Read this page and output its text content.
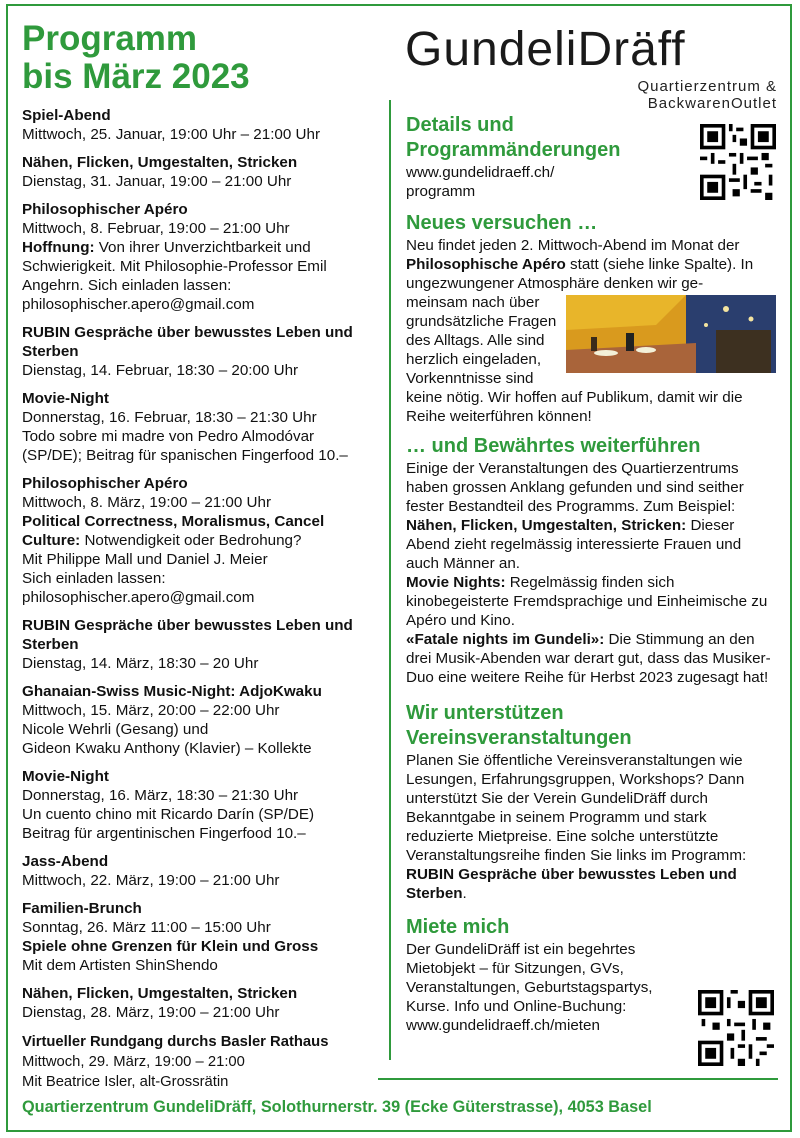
Programm
bis März 2023
GundeliDräff
Quartierzentrum &
BackwarenOutlet
Spiel-Abend
Mittwoch, 25. Januar, 19:00 Uhr – 21:00 Uhr
Nähen, Flicken, Umgestalten, Stricken
Dienstag, 31. Januar, 19:00 – 21:00 Uhr
Philosophischer Apéro
Mittwoch, 8. Februar, 19:00 – 21:00 Uhr
Hoffnung: Von ihrer Unverzichtbarkeit und Schwierigkeit. Mit Philosophie-Professor Emil Angehrn. Sich einladen lassen:
philosophischer.apero@gmail.com
RUBIN Gespräche über bewusstes Leben und Sterben
Dienstag, 14. Februar, 18:30 – 20:00 Uhr
Movie-Night
Donnerstag, 16. Februar, 18:30 – 21:30 Uhr
Todo sobre mi madre von Pedro Almodóvar
(SP/DE); Beitrag für spanischen Fingerfood 10.–
Philosophischer Apéro
Mittwoch, 8. März, 19:00 – 21:00 Uhr
Political Correctness, Moralismus, Cancel Culture: Notwendigkeit oder Bedrohung?
Mit Philippe Mall und Daniel J. Meier
Sich einladen lassen:
philosophischer.apero@gmail.com
RUBIN Gespräche über bewusstes Leben und Sterben
Dienstag, 14. März, 18:30 – 20 Uhr
Ghanaian-Swiss Music-Night: AdjoKwaku
Mittwoch, 15. März, 20:00 – 22:00 Uhr
Nicole Wehrli (Gesang) und
Gideon Kwaku Anthony (Klavier) – Kollekte
Movie-Night
Donnerstag, 16. März, 18:30 – 21:30 Uhr
Un cuento chino mit Ricardo Darín (SP/DE)
Beitrag für argentinischen Fingerfood 10.–
Jass-Abend
Mittwoch, 22. März, 19:00 – 21:00 Uhr
Familien-Brunch
Sonntag, 26. März 11:00 – 15:00 Uhr
Spiele ohne Grenzen für Klein und Gross
Mit dem Artisten ShinShendo
Nähen, Flicken, Umgestalten, Stricken
Dienstag, 28. März, 19:00 – 21:00 Uhr
Virtueller Rundgang durchs Basler Rathaus
Mittwoch, 29. März, 19:00 – 21:00
Mit Beatrice Isler, alt-Grossrätin
Details und
Programmänderungen
www.gundelidraeff.ch/
programm
Neues versuchen …
Neu findet jeden 2. Mittwoch-Abend im Monat der Philosophische Apéro statt (siehe linke Spalte). In ungezwungener Atmosphäre denken wir ge-
meinsam nach über grundsätzliche Fragen des Alltags. Alle sind herzlich eingeladen, Vorkenntnisse sind keine nötig. Wir hoffen auf Publikum, damit wir die Reihe weiterführen können!
… und Bewährtes weiterführen
Einige der Veranstaltungen des Quartierzentrums haben grossen Anklang gefunden und sind seither fester Bestandteil des Programms. Zum Beispiel: Nähen, Flicken, Umgestalten, Stricken: Dieser Abend zieht regelmässig interessierte Frauen und auch Männer an.
Movie Nights: Regelmässig finden sich kinobegeisterte Fremdsprachige und Einheimische zu Apéro und Kino.
«Fatale nights im Gundeli»: Die Stimmung an den drei Musik-Abenden war derart gut, dass das Musiker-Duo eine weitere Reihe für Herbst 2023 zugesagt hat!
Wir unterstützen
Vereinsveranstaltungen
Planen Sie öffentliche Vereinsveranstaltungen wie Lesungen, Erfahrungsgruppen, Workshops? Dann unterstützt Sie der Verein GundeliDräff durch Bekanntgabe in seinem Programm und stark reduzierte Mietpreise. Eine solche unterstützte Veranstaltungsreihe finden Sie links im Programm: RUBIN Gespräche über bewusstes Leben und Sterben.
Miete mich
Der GundeliDräff ist ein begehrtes Mietobjekt – für Sitzungen, GVs, Veranstaltungen, Geburtstagspartys, Kurse. Info und Online-Buchung:
www.gundelidraeff.ch/mieten
Quartierzentrum GundeliDräff, Solothurnerstr. 39 (Ecke Güterstrasse), 4053 Basel
